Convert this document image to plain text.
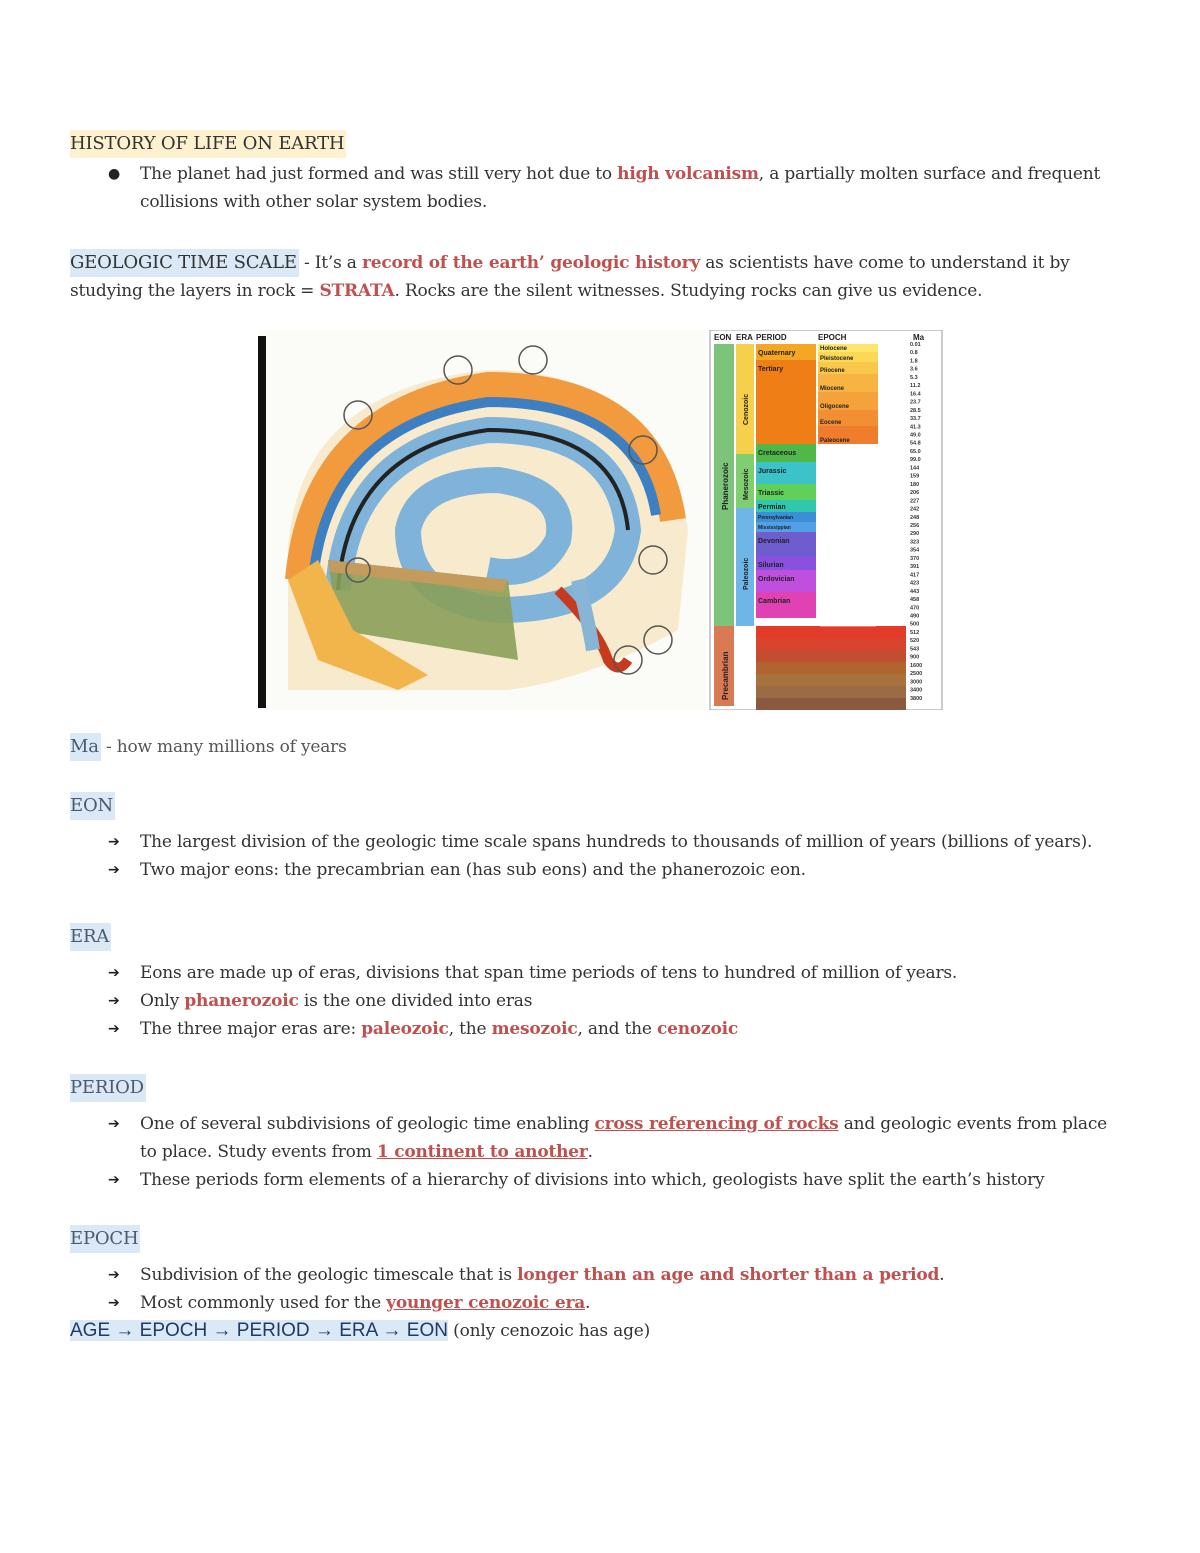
HISTORY OF LIFE ON EARTH
● The planet had just formed and was still very hot due to high volcanism, a partially molten surface and frequent
collisions with other solar system bodies.
GEOLOGIC TIME SCALE - It’s a record of the earth’ geologic history as scientists have come to understand it by
studying the layers in rock = STRATA. Rocks are the silent witnesses. Studying rocks can give us evidence.
Ma - how many millions of years
EON
➔ The largest division of the geologic time scale spans hundreds to thousands of million of years (billions of years).
➔ Two major eons: the precambrian ean (has sub eons) and the phanerozoic eon.
ERA
➔ Eons are made up of eras, divisions that span time periods of tens to hundred of million of years.
➔ Only phanerozoic is the one divided into eras
➔ The three major eras are: paleozoic, the mesozoic, and the cenozoic
PERIOD
➔ One of several subdivisions of geologic time enabling cross referencing of rocks and geologic events from place
to place. Study events from 1 continent to another.
➔ These periods form elements of a hierarchy of divisions into which, geologists have split the earth’s history
EPOCH
➔ Subdivision of the geologic timescale that is longer than an age and shorter than a period.
➔ Most commonly used for the younger cenozoic era.
AGE → EPOCH → PERIOD → ERA → EON (only cenozoic has age)
EON ERA PERIOD	EPOCH	Ma
Phanerozoic
Precambrian
Cenozoic
Mesozoic
Paleozoic
Quaternary
Tertiary
Cretaceous
Jurassic
Triassic
Permian
Pennsylvanian
Mississippian
Devonian
Silurian
Ordovician
Cambrian
Holocene
Pleistocene
Pliocene
Miocene
Oligocene
Eocene
Paleocene
0.01
0.8
1.8
3.6
5.3
11.2
16.4
23.7
28.5
33.7
41.3
49.0
54.8
65.0
99.0
144
159
180
206
227
242
248
256
290
323
354
370
391
417
423
443
458
470
490
500
512
520
543
900
1600
2500
3000
3400
3800
